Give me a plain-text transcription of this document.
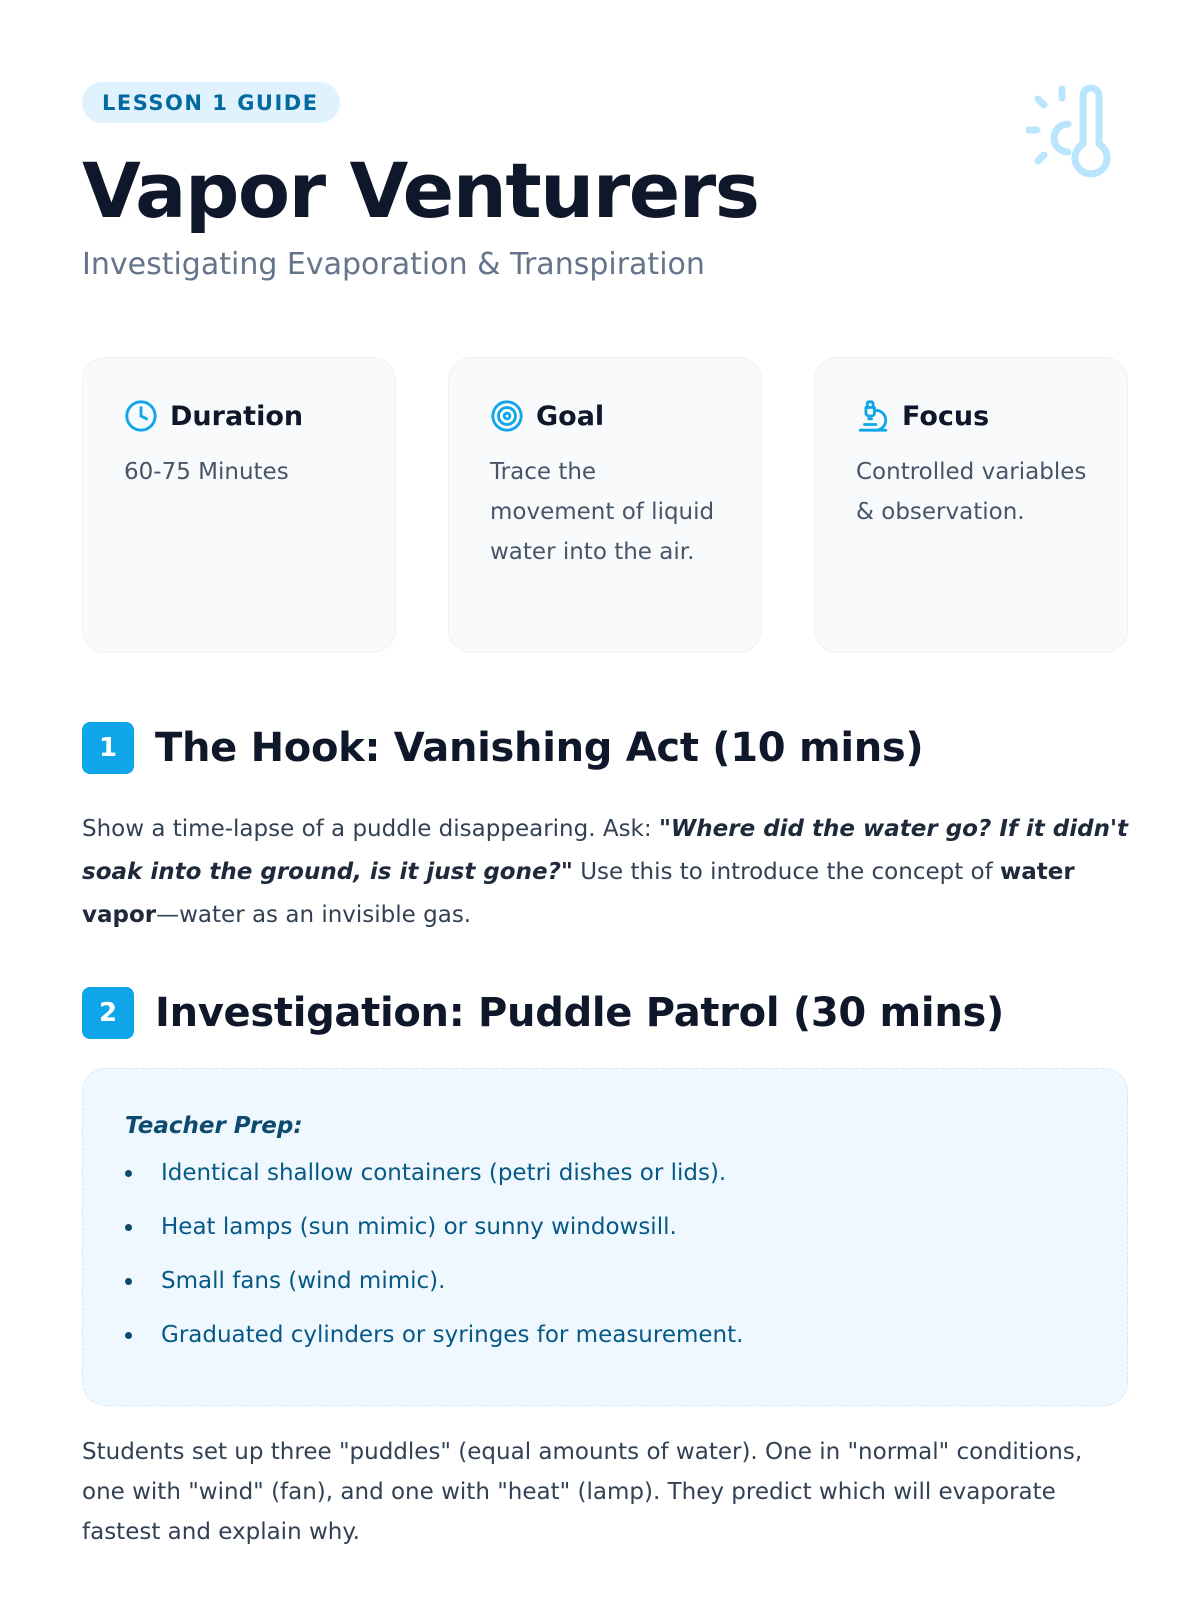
LESSON 1 GUIDE
Vapor Venturers
Investigating Evaporation & Transpiration
Duration
60-75 Minutes
Goal
Trace the movement of liquid water into the air.
Focus
Controlled variables & observation.
1 The Hook: Vanishing Act (10 mins)

Show a time-lapse of a puddle disappearing. Ask: "Where did the water go? If it didn't soak into the ground, is it just gone?" Use this to introduce the concept of water vapor—water as an invisible gas.

2 Investigation: Puddle Patrol (30 mins)
Teacher Prep:
Identical shallow containers (petri dishes or lids).
Heat lamps (sun mimic) or sunny windowsill.
Small fans (wind mimic).
Graduated cylinders or syringes for measurement.

Students set up three "puddles" (equal amounts of water). One in "normal" conditions, one with "wind" (fan), and one with "heat" (lamp). They predict which will evaporate fastest and explain why.
